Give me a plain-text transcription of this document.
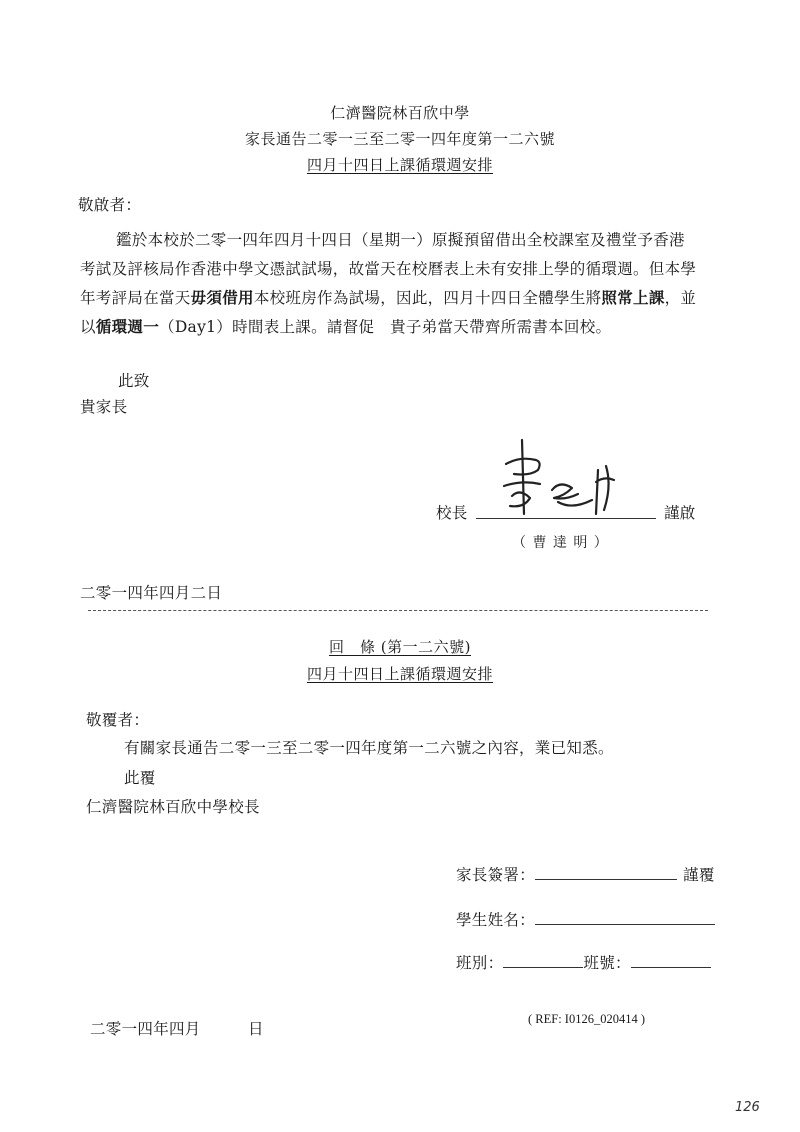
仁濟醫院林百欣中學
家長通告二零一三至二零一四年度第一二六號
四月十四日上課循環週安排
敬啟者：
鑑於本校於二零一四年四月十四日（星期一）原擬預留借出全校課室及禮堂予香港
考試及評核局作香港中學文憑試試場，故當天在校曆表上未有安排上學的循環週。但本學
年考評局在當天毋須借用本校班房作為試場，因此，四月十四日全體學生將照常上課，並
以循環週一（Day1）時間表上課。請督促　貴子弟當天帶齊所需書本回校。
此致
貴家長
校長	謹啟
（ 曹 達 明 ）
二零一四年四月二日
回　條 (第一二六號)
四月十四日上課循環週安排
敬覆者：
有關家長通告二零一三至二零一四年度第一二六號之內容，業已知悉。
此覆
仁濟醫院林百欣中學校長
家長簽署：	謹覆
學生姓名：
班別：	班號：
二零一四年四月　　　日
( REF: I0126_020414 )
126
